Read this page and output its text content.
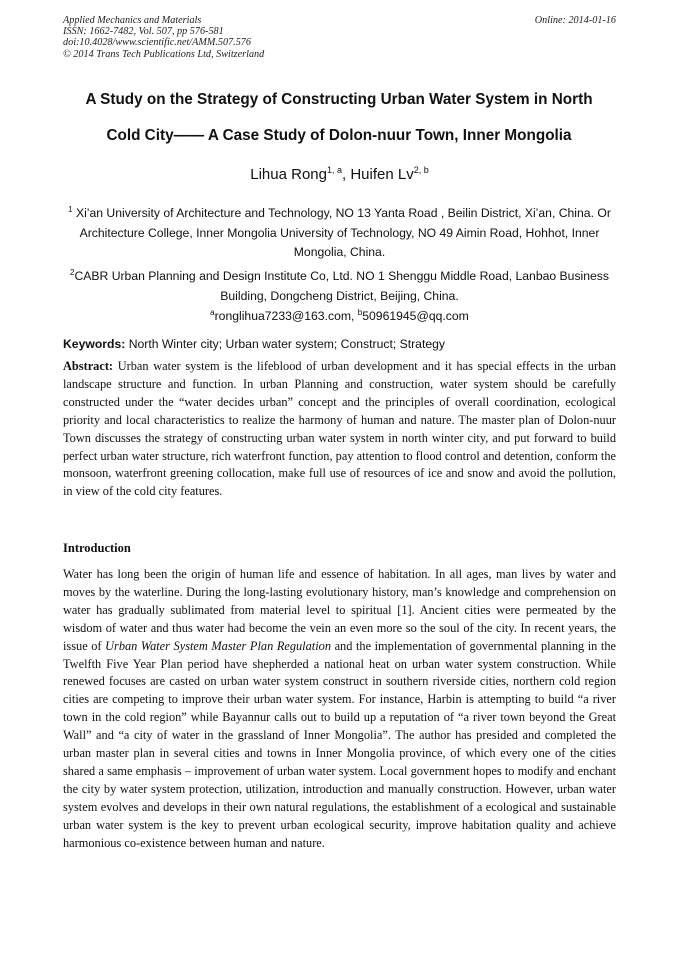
Applied Mechanics and Materials
ISSN: 1662-7482, Vol. 507, pp 576-581
doi:10.4028/www.scientific.net/AMM.507.576
© 2014 Trans Tech Publications Ltd, Switzerland
Online: 2014-01-16
A Study on the Strategy of Constructing Urban Water System in North
Cold City—— A Case Study of Dolon-nuur Town, Inner Mongolia
Lihua Rong$^{1, a}$, Huifen Lv$^{2, b}$
$^1$ Xi’an University of Architecture and Technology, NO 13 Yanta Road , Beilin District, Xi’an, China. Or Architecture College, Inner Mongolia University of Technology, NO 49 Aimin Road, Hohhot, Inner Mongolia, China.
$^2$CABR Urban Planning and Design Institute Co, Ltd. NO 1 Shenggu Middle Road, Lanbao Business Building, Dongcheng District, Beijing, China.
$^a$ronglihua7233@163.com, $^b$50961945@qq.com
Keywords: North Winter city; Urban water system; Construct; Strategy
Abstract: Urban water system is the lifeblood of urban development and it has special effects in the urban landscape structure and function. In urban Planning and construction, water system should be carefully constructed under the “water decides urban” concept and the principles of overall coordination, ecological priority and local characteristics to realize the harmony of human and nature. The master plan of Dolon-nuur Town discusses the strategy of constructing urban water system in north winter city, and put forward to build perfect urban water structure, rich waterfront function, pay attention to flood control and detention, conform the monsoon, waterfront greening collocation, make full use of resources of ice and snow and avoid the pollution, in view of the cold city features.
Introduction
Water has long been the origin of human life and essence of habitation. In all ages, man lives by water and moves by the waterline. During the long-lasting evolutionary history, man’s knowledge and comprehension on water has gradually sublimated from material level to spiritual [1]. Ancient cities were permeated by the wisdom of water and thus water had become the vein an even more so the soul of the city. In recent years, the issue of Urban Water System Master Plan Regulation and the implementation of governmental planning in the Twelfth Five Year Plan period have shepherded a national heat on urban water system construction. While renewed focuses are casted on urban water system construct in southern riverside cities, northern cold region cities are competing to improve their urban water system. For instance, Harbin is attempting to build “a river town in the cold region” while Bayannur calls out to build up a reputation of “a river town beyond the Great Wall” and “a city of water in the grassland of Inner Mongolia”. The author has presided and completed the urban master plan in several cities and towns in Inner Mongolia province, of which every one of the cities shared a same emphasis – improvement of urban water system. Local government hopes to modify and enchant the city by water system protection, utilization, introduction and manually construction. However, urban water system evolves and develops in their own natural regulations, the establishment of a ecological and sustainable urban water system is the key to prevent urban ecological security, improve habitation quality and achieve harmonious co-existence between human and nature.
